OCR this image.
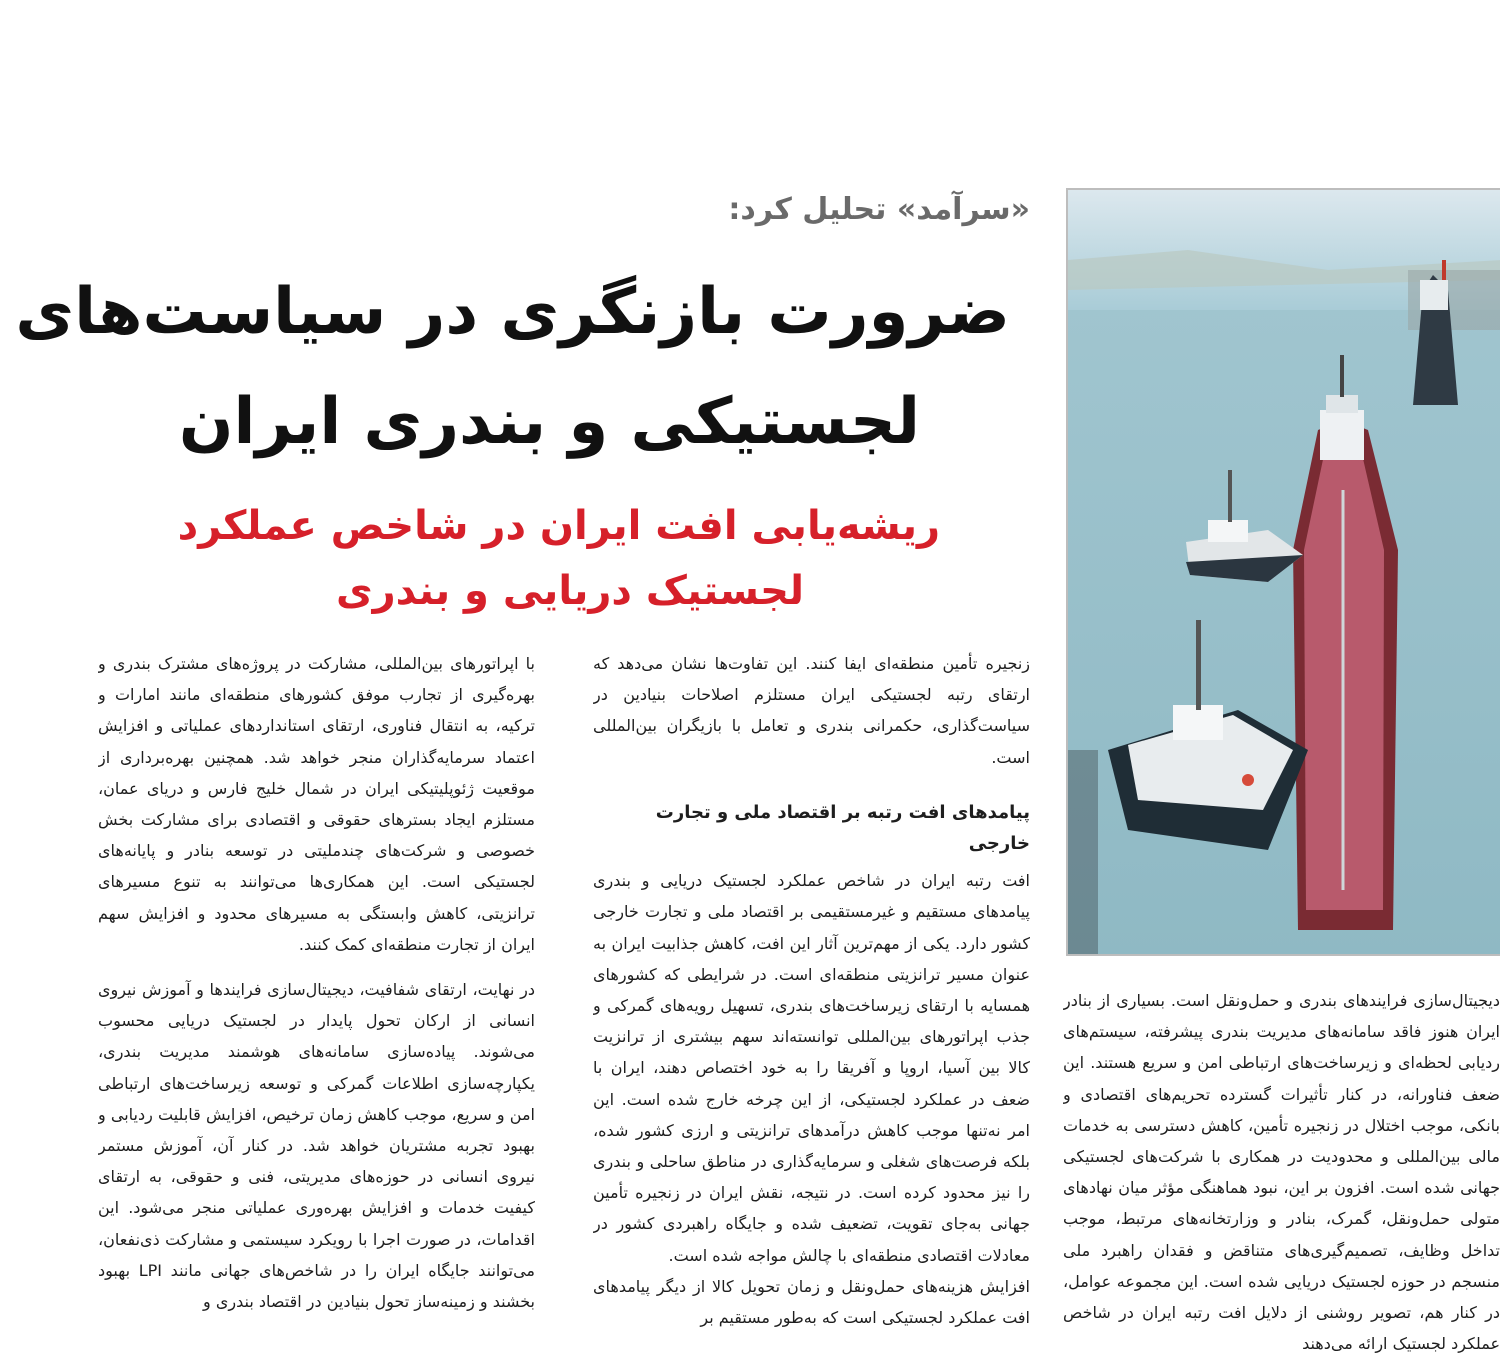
«سرآمد» تحلیل کرد:
ضرورت بازنگری در سیاست‌های
لجستیکی و بندری ایران
ریشه‌یابی افت ایران در شاخص عملکرد
لجستیک دریایی و بندری

زنجیره تأمین منطقه‌ای ایفا کنند. این تفاوت‌ها نشان می‌دهد که ارتقای رتبه لجستیکی ایران مستلزم اصلاحات بنیادین در سیاست‌گذاری، حکمرانی بندری و تعامل با بازیگران بین‌المللی است.

پیامدهای افت رتبه بر اقتصاد ملی و تجارت خارجی

افت رتبه ایران در شاخص عملکرد لجستیک دریایی و بندری پیامدهای مستقیم و غیرمستقیمی بر اقتصاد ملی و تجارت خارجی کشور دارد. یکی از مهم‌ترین آثار این افت، کاهش جذابیت ایران به عنوان مسیر ترانزیتی منطقه‌ای است. در شرایطی که کشورهای همسایه با ارتقای زیرساخت‌های بندری، تسهیل رویه‌های گمرکی و جذب اپراتورهای بین‌المللی توانسته‌اند سهم بیشتری از ترانزیت کالا بین آسیا، اروپا و آفریقا را به خود اختصاص دهند، ایران با ضعف در عملکرد لجستیکی، از این چرخه خارج شده است. این امر نه‌تنها موجب کاهش درآمدهای ترانزیتی و ارزی کشور شده، بلکه فرصت‌های شغلی و سرمایه‌گذاری در مناطق ساحلی و بندری را نیز محدود کرده است. در نتیجه، نقش ایران در زنجیره تأمین جهانی به‌جای تقویت، تضعیف شده و جایگاه راهبردی کشور در معادلات اقتصادی منطقه‌ای با چالش مواجه شده است.

افزایش هزینه‌های حمل‌ونقل و زمان تحویل کالا از دیگر پیامدهای افت عملکرد لجستیکی است که به‌طور مستقیم بر

با اپراتورهای بین‌المللی، مشارکت در پروژه‌های مشترک بندری و بهره‌گیری از تجارب موفق کشورهای منطقه‌ای مانند امارات و ترکیه، به انتقال فناوری، ارتقای استانداردهای عملیاتی و افزایش اعتماد سرمایه‌گذاران منجر خواهد شد. همچنین بهره‌برداری از موقعیت ژئوپلیتیکی ایران در شمال خلیج فارس و دریای عمان، مستلزم ایجاد بسترهای حقوقی و اقتصادی برای مشارکت بخش خصوصی و شرکت‌های چندملیتی در توسعه بنادر و پایانه‌های لجستیکی است. این همکاری‌ها می‌توانند به تنوع مسیرهای ترانزیتی، کاهش وابستگی به مسیرهای محدود و افزایش سهم ایران از تجارت منطقه‌ای کمک کنند.

در نهایت، ارتقای شفافیت، دیجیتال‌سازی فرایندها و آموزش نیروی انسانی از ارکان تحول پایدار در لجستیک دریایی محسوب می‌شوند. پیاده‌سازی سامانه‌های هوشمند مدیریت بندری، یکپارچه‌سازی اطلاعات گمرکی و توسعه زیرساخت‌های ارتباطی امن و سریع، موجب کاهش زمان ترخیص، افزایش قابلیت ردیابی و بهبود تجربه مشتریان خواهد شد. در کنار آن، آموزش مستمر نیروی انسانی در حوزه‌های مدیریتی، فنی و حقوقی، به ارتقای کیفیت خدمات و افزایش بهره‌وری عملیاتی منجر می‌شود. این اقدامات، در صورت اجرا با رویکرد سیستمی و مشارکت ذی‌نفعان، می‌توانند جایگاه ایران را در شاخص‌های جهانی مانند LPI بهبود بخشند و زمینه‌ساز تحول بنیادین در اقتصاد بندری و

دیجیتال‌سازی فرایندهای بندری و حمل‌ونقل است. بسیاری از بنادر ایران هنوز فاقد سامانه‌های مدیریت بندری پیشرفته، سیستم‌های ردیابی لحظه‌ای و زیرساخت‌های ارتباطی امن و سریع هستند. این ضعف فناورانه، در کنار تأثیرات گسترده تحریم‌های اقتصادی و بانکی، موجب اختلال در زنجیره تأمین، کاهش دسترسی به خدمات مالی بین‌المللی و محدودیت در همکاری با شرکت‌های لجستیکی جهانی شده است. افزون بر این، نبود هماهنگی مؤثر میان نهادهای متولی حمل‌ونقل، گمرک، بنادر و وزارتخانه‌های مرتبط، موجب تداخل وظایف، تصمیم‌گیری‌های متناقض و فقدان راهبرد ملی منسجم در حوزه لجستیک دریایی شده است. این مجموعه عوامل، در کنار هم، تصویر روشنی از دلایل افت رتبه ایران در شاخص عملکرد لجستیک ارائه می‌دهند
